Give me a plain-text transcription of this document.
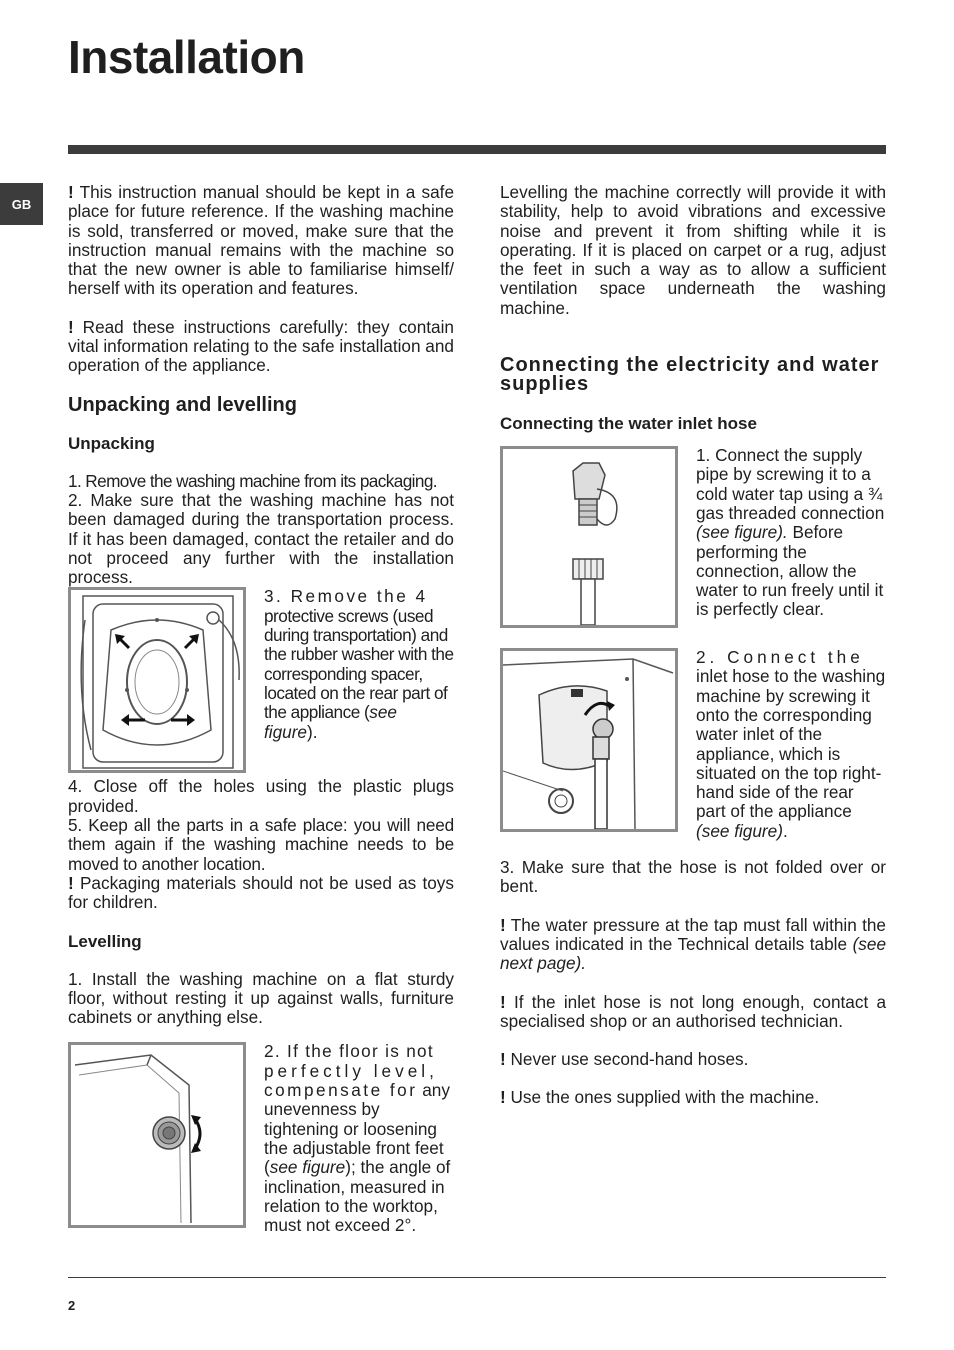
Installation
GB

! This instruction manual should be kept in a safe place for future reference. If the washing machine is sold, transferred or moved, make sure that the instruction manual remains with the machine so that the new owner is able to familiarise himself/ herself with its operation and features.

! Read these instructions carefully: they contain vital information relating to the safe installation and operation of the appliance.

Unpacking and levelling
Unpacking

1. Remove the washing machine from its packaging.

2. Make sure that the washing machine has not been damaged during the transportation process. If it has been damaged, contact the retailer and do not proceed any further with the installation process.

3. Remove the 4 protective screws (used during transportation) and the rubber washer with the corresponding spacer, located on the rear part of the appliance (see figure).

4. Close off the holes using the plastic plugs provided.

5. Keep all the parts in a safe place: you will need them again if the washing machine needs to be moved to another location.

! Packaging materials should not be used as toys for children.

Levelling

1. Install the washing machine on a flat sturdy floor, without resting it up against walls, furniture cabinets or anything else.

2. If the floor is not perfectly level, compensate for any unevenness by tightening or loosening the adjustable front feet (see figure); the angle of inclination, measured in relation to the worktop, must not exceed 2°.

Levelling the machine correctly will provide it with stability, help to avoid vibrations and excessive noise and prevent it from shifting while it is operating. If it is placed on carpet or a rug, adjust the feet in such a way as to allow a sufficient ventilation space underneath the washing machine.

Connecting the electricity and water supplies
Connecting the water inlet hose

1. Connect the supply pipe by screwing it to a cold water tap using a ¾ gas threaded connection (see figure). Before performing the connection, allow the water to run freely until it is perfectly clear.

2. Connect the inlet hose to the washing machine by screwing it onto the corresponding water inlet of the appliance, which is situated on the top right-hand side of the rear part of the appliance (see figure).

3. Make sure that the hose is not folded over or bent.

! The water pressure at the tap must fall within the values indicated in the Technical details table (see next page).

! If the inlet hose is not long enough, contact a specialised shop or an authorised technician.

! Never use second-hand hoses.

! Use the ones supplied with the machine.

2
